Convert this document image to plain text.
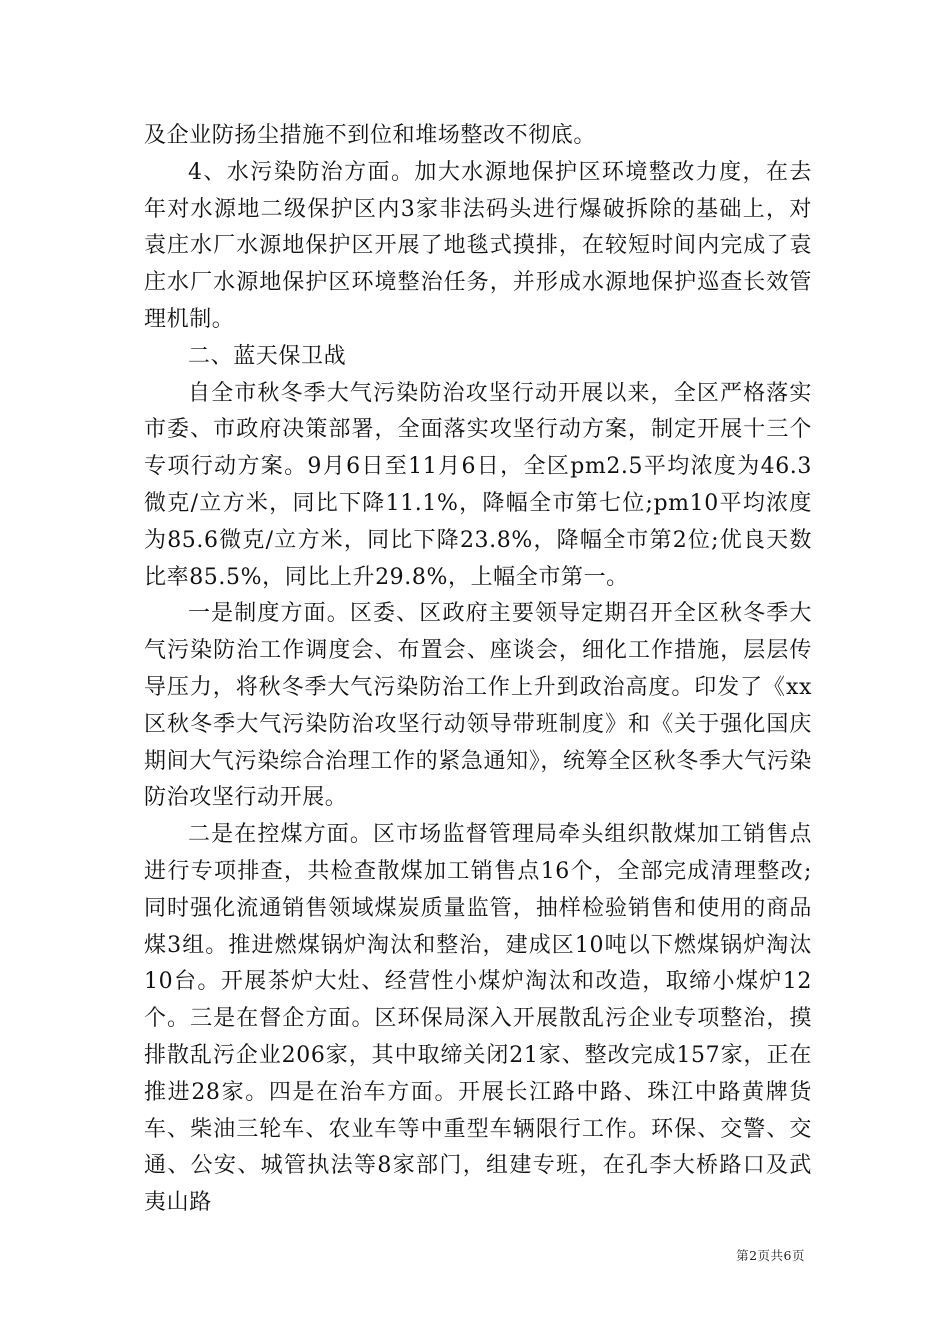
及企业防扬尘措施不到位和堆场整改不彻底。

4、水污染防治方面。加大水源地保护区环境整改力度，在去年对水源地二级保护区内3家非法码头进行爆破拆除的基础上，对袁庄水厂水源地保护区开展了地毯式摸排，在较短时间内完成了袁庄水厂水源地保护区环境整治任务，并形成水源地保护巡查长效管理机制。

二、蓝天保卫战

自全市秋冬季大气污染防治攻坚行动开展以来，全区严格落实市委、市政府决策部署，全面落实攻坚行动方案，制定开展十三个专项行动方案。9月6日至11月6日，全区pm2.5平均浓度为46.3微克/立方米，同比下降11.1%，降幅全市第七位;pm10平均浓度为85.6微克/立方米，同比下降23.8%，降幅全市第2位;优良天数比率85.5%，同比上升29.8%，上幅全市第一。

一是制度方面。区委、区政府主要领导定期召开全区秋冬季大气污染防治工作调度会、布置会、座谈会，细化工作措施，层层传导压力，将秋冬季大气污染防治工作上升到政治高度。印发了《xx区秋冬季大气污染防治攻坚行动领导带班制度》和《关于强化国庆期间大气污染综合治理工作的紧急通知》，统筹全区秋冬季大气污染防治攻坚行动开展。

二是在控煤方面。区市场监督管理局牵头组织散煤加工销售点进行专项排查，共检查散煤加工销售点16个，全部完成清理整改;同时强化流通销售领域煤炭质量监管，抽样检验销售和使用的商品煤3组。推进燃煤锅炉淘汰和整治，建成区10吨以下燃煤锅炉淘汰10台。开展茶炉大灶、经营性小煤炉淘汰和改造，取缔小煤炉12个。三是在督企方面。区环保局深入开展散乱污企业专项整治，摸排散乱污企业206家，其中取缔关闭21家、整改完成157家，正在推进28家。四是在治车方面。开展长江路中路、珠江中路黄牌货车、柴油三轮车、农业车等中重型车辆限行工作。环保、交警、交通、公安、城管执法等8家部门，组建专班，在孔李大桥路口及武夷山路

第2页共6页
